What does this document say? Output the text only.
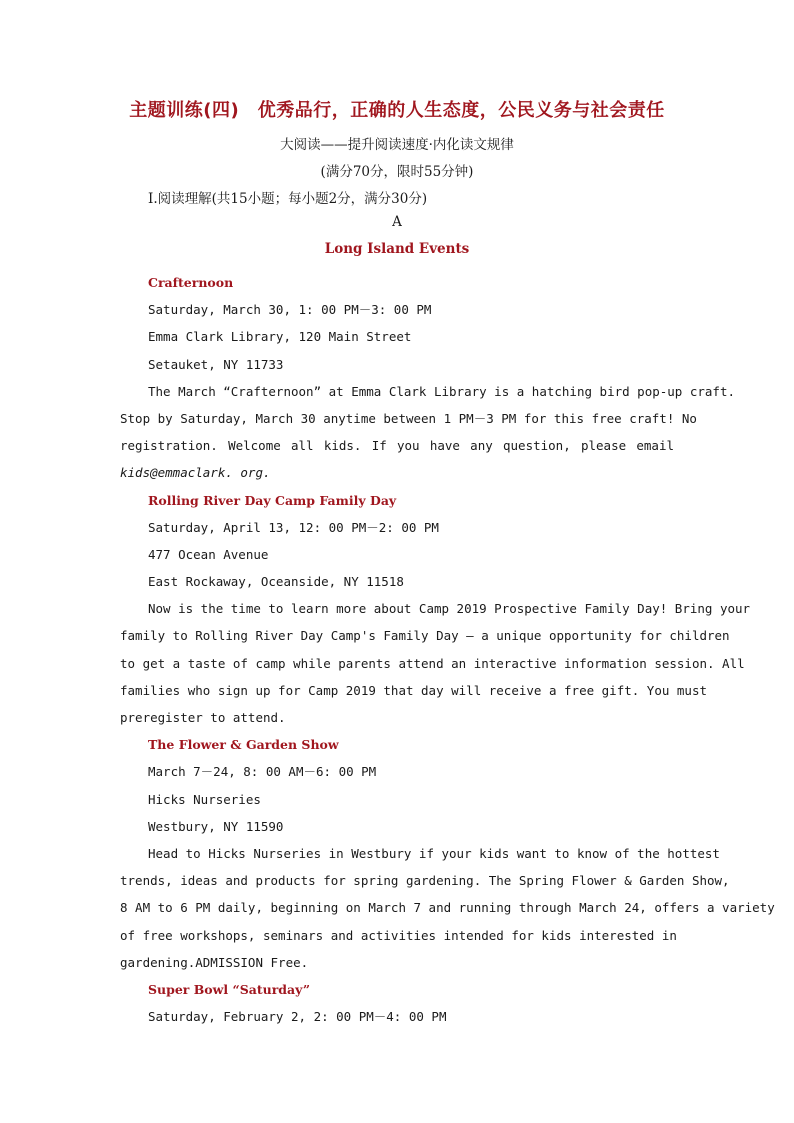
主题训练(四)　优秀品行，正确的人生态度，公民义务与社会责任
大阅读——提升阅读速度·内化读文规律
(满分70分，限时55分钟)
Ⅰ.阅读理解(共15小题；每小题2分，满分30分)
A
Long Island Events
Crafternoon
Saturday, March 30, 1: 00 PM－3: 00 PM
Emma Clark Library, 120 Main Street
Setauket, NY 11733
The March “Crafternoon” at Emma Clark Library is a hatching bird pop-up craft.
Stop by Saturday, March 30 anytime between 1 PM－3 PM for this free craft! No
registration. Welcome all kids. If you have any question, please email
kids@emmaclark. org.
Rolling River Day Camp Family Day
Saturday, April 13, 12: 00 PM－2: 00 PM
477 Ocean Avenue
East Rockaway, Oceanside, NY 11518
Now is the time to learn more about Camp 2019 Prospective Family Day! Bring your
family to Rolling River Day Camp's Family Day — a unique opportunity for children
to get a taste of camp while parents attend an interactive information session. All
families who sign up for Camp 2019 that day will receive a free gift. You must
preregister to attend.
The Flower & Garden Show
March 7－24, 8: 00 AM－6: 00 PM
Hicks Nurseries
Westbury, NY 11590
Head to Hicks Nurseries in Westbury if your kids want to know of the hottest
trends, ideas and products for spring gardening. The Spring Flower & Garden Show,
8 AM to 6 PM daily, beginning on March 7 and running through March 24, offers a variety
of free workshops, seminars and activities intended for kids interested in
gardening.ADMISSION Free.
Super Bowl “Saturday”
Saturday, February 2, 2: 00 PM－4: 00 PM
